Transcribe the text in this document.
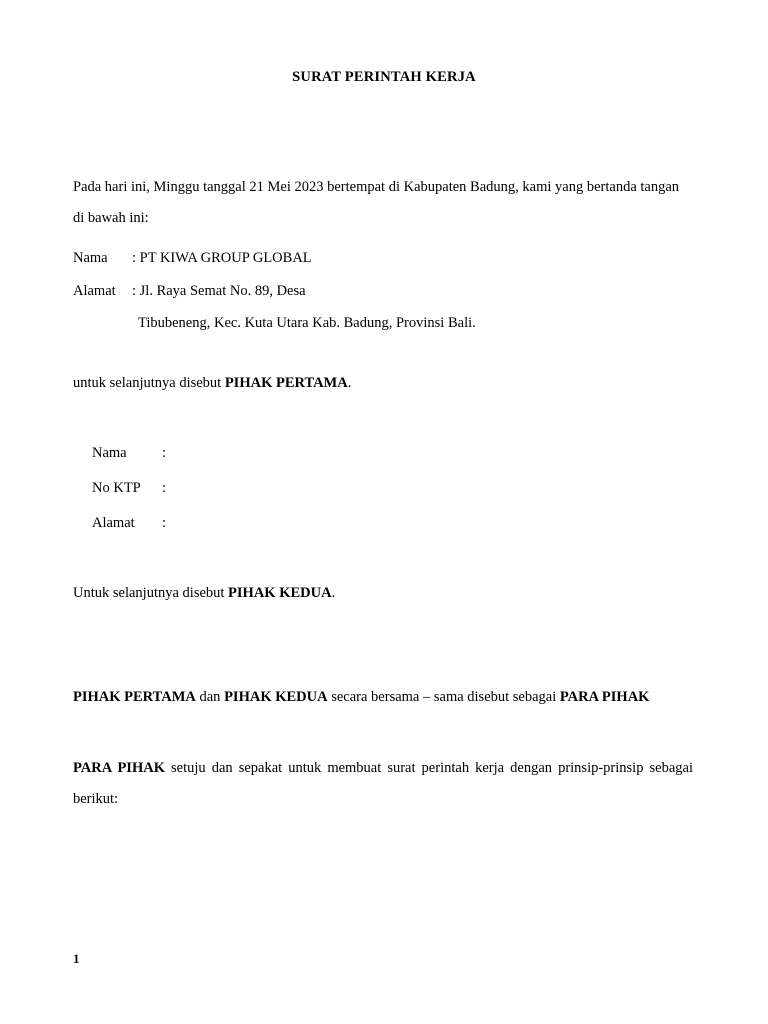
SURAT PERINTAH KERJA
Pada hari ini, Minggu tanggal 21 Mei 2023 bertempat di Kabupaten Badung, kami yang bertanda tangan di bawah ini:
Nama : PT KIWA GROUP GLOBAL
Alamat : Jl. Raya Semat No. 89, Desa
Tibubeneng, Kec. Kuta Utara Kab. Badung, Provinsi Bali.
untuk selanjutnya disebut PIHAK PERTAMA.
Nama :
No KTP :
Alamat :
Untuk selanjutnya disebut PIHAK KEDUA.
PIHAK PERTAMA dan PIHAK KEDUA secara bersama – sama disebut sebagai PARA PIHAK
PARA PIHAK setuju dan sepakat untuk membuat surat perintah kerja dengan prinsip-prinsip sebagai berikut:
1
